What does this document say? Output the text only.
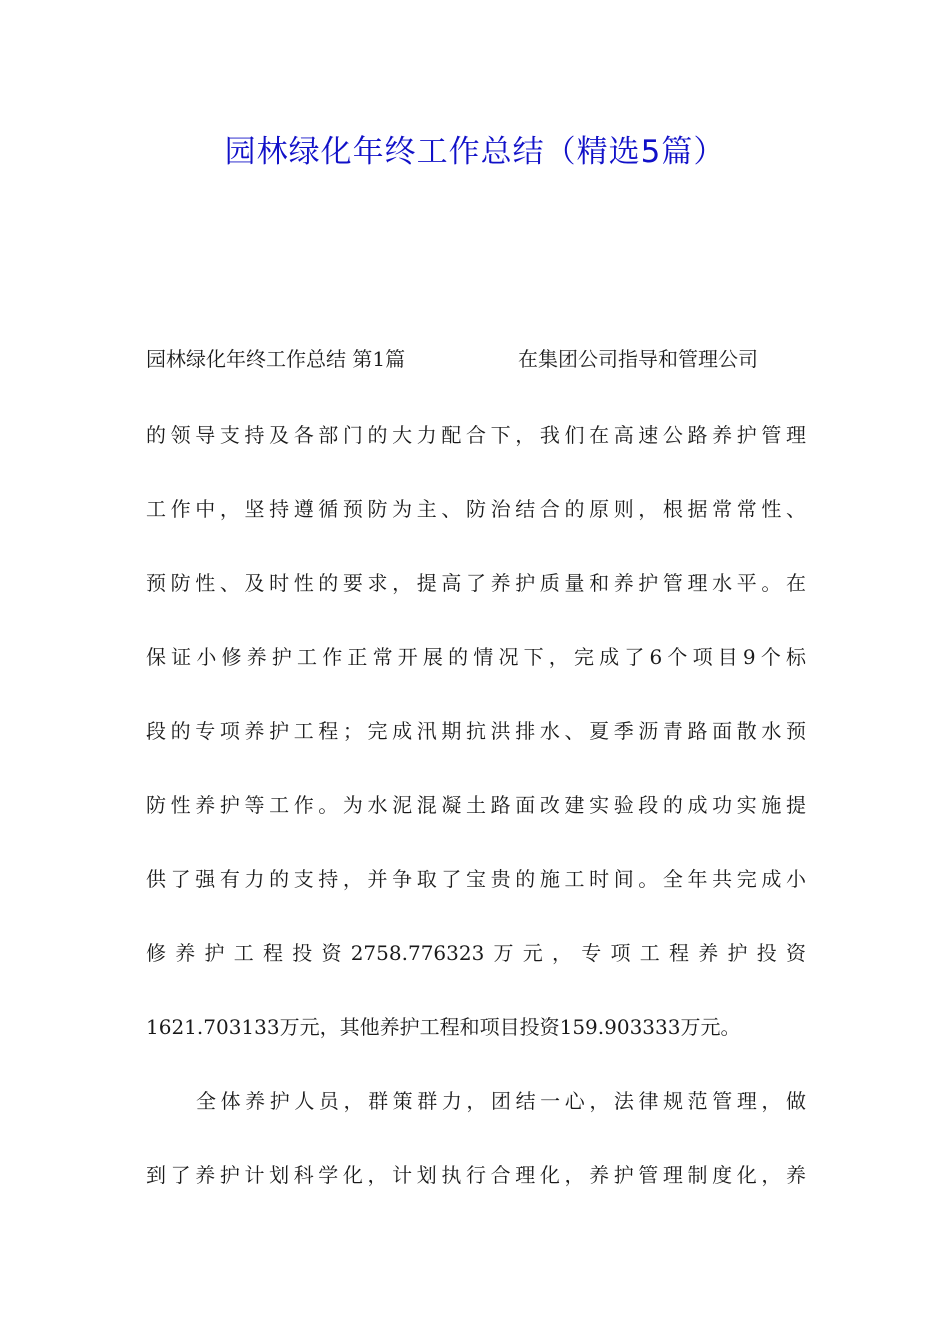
园林绿化年终工作总结（精选5篇）
园林绿化年终工作总结 第1篇	在集团公司指导和管理公司
的领导支持及各部门的大力配合下，我们在高速公路养护管理
工作中，坚持遵循预防为主、防治结合的原则，根据常常性、
预防性、及时性的要求，提高了养护质量和养护管理水平。在
保证小修养护工作正常开展的情况下，完成了6个项目9个标
段的专项养护工程；完成汛期抗洪排水、夏季沥青路面散水预
防性养护等工作。为水泥混凝土路面改建实验段的成功实施提
供了强有力的支持，并争取了宝贵的施工时间。全年共完成小
修养护工程投资2758.776323万元，专项工程养护投资
1621.703133万元，其他养护工程和项目投资159.903333万元。
全体养护人员，群策群力，团结一心，法律规范管理，做
到了养护计划科学化，计划执行合理化，养护管理制度化，养
